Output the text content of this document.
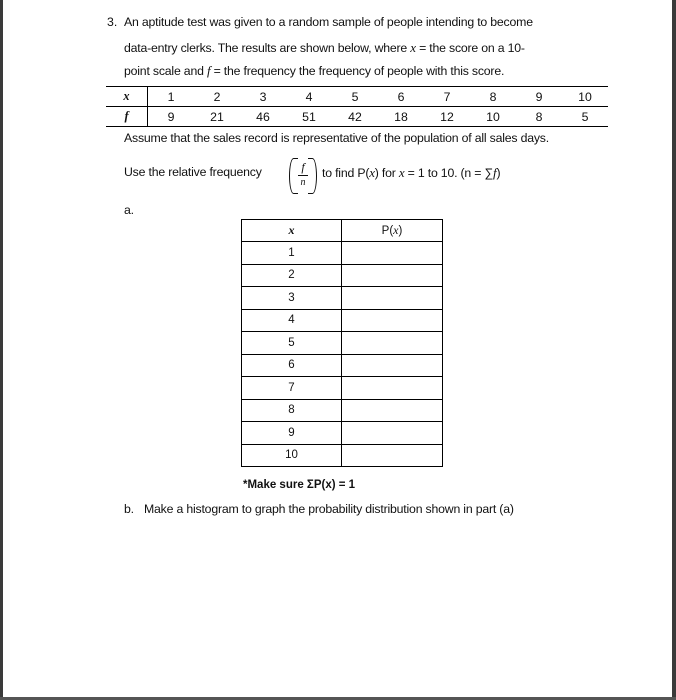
3. An aptitude test was given to a random sample of people intending to become
data-entry clerks. The results are shown below, where x = the score on a 10-
point scale and f = the frequency the frequency of people with this score.
x	1	2	3	4	5	6	7	8	9	10
f	9	21	46	51	42	18	12	10	8	5
Assume that the sales record is representative of the population of all sales days.
Use the relative frequency	f
n
to find P(x) for x = 1 to 10. (n = ∑f)
a.
x	P(x)
1	
2	
3	
4	
5	
6	
7	
8	
9	
10	
*Make sure ΣP(x) = 1
b. Make a histogram to graph the probability distribution shown in part (a)
